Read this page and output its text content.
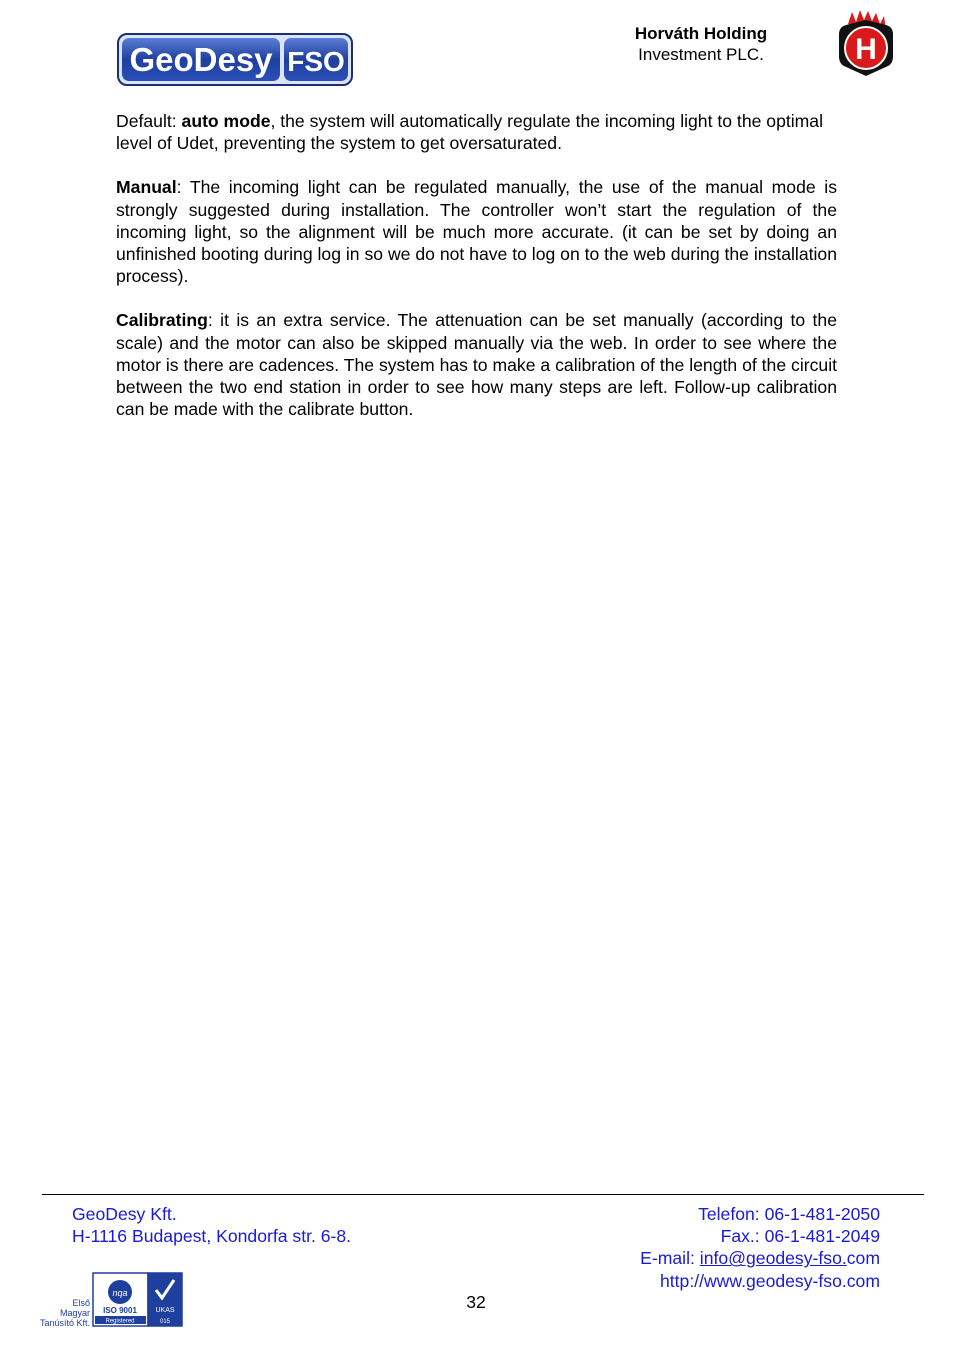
GeoDesy FSO
Horváth Holding
Investment PLC.	H

Default: auto mode, the system will automatically regulate the incoming light to the optimal level of Udet, preventing the system to get oversaturated.

Manual: The incoming light can be regulated manually, the use of the manual mode is strongly suggested during installation. The controller won’t start the regulation of the incoming light, so the alignment will be much more accurate. (it can be set by doing an unfinished booting during log in so we do not have to log on to the web during the installation process).

Calibrating: it is an extra service. The attenuation can be set manually (according to the scale) and the motor can also be skipped manually via the web. In order to see where the motor is there are cadences. The system has to make a calibration of the length of the circuit between the two end station in order to see how many steps are left. Follow-up calibration can be made with the calibrate button.

GeoDesy Kft.
H-1116 Budapest, Kondorfa str. 6-8.
Telefon: 06-1-481-2050
Fax.: 06-1-481-2049
E-mail: info@geodesy-fso.com
http://www.geodesy-fso.com
32
Első
Magyar
Tanúsító Kft.
nqa
ISO 9001
Registered
UKAS
015
